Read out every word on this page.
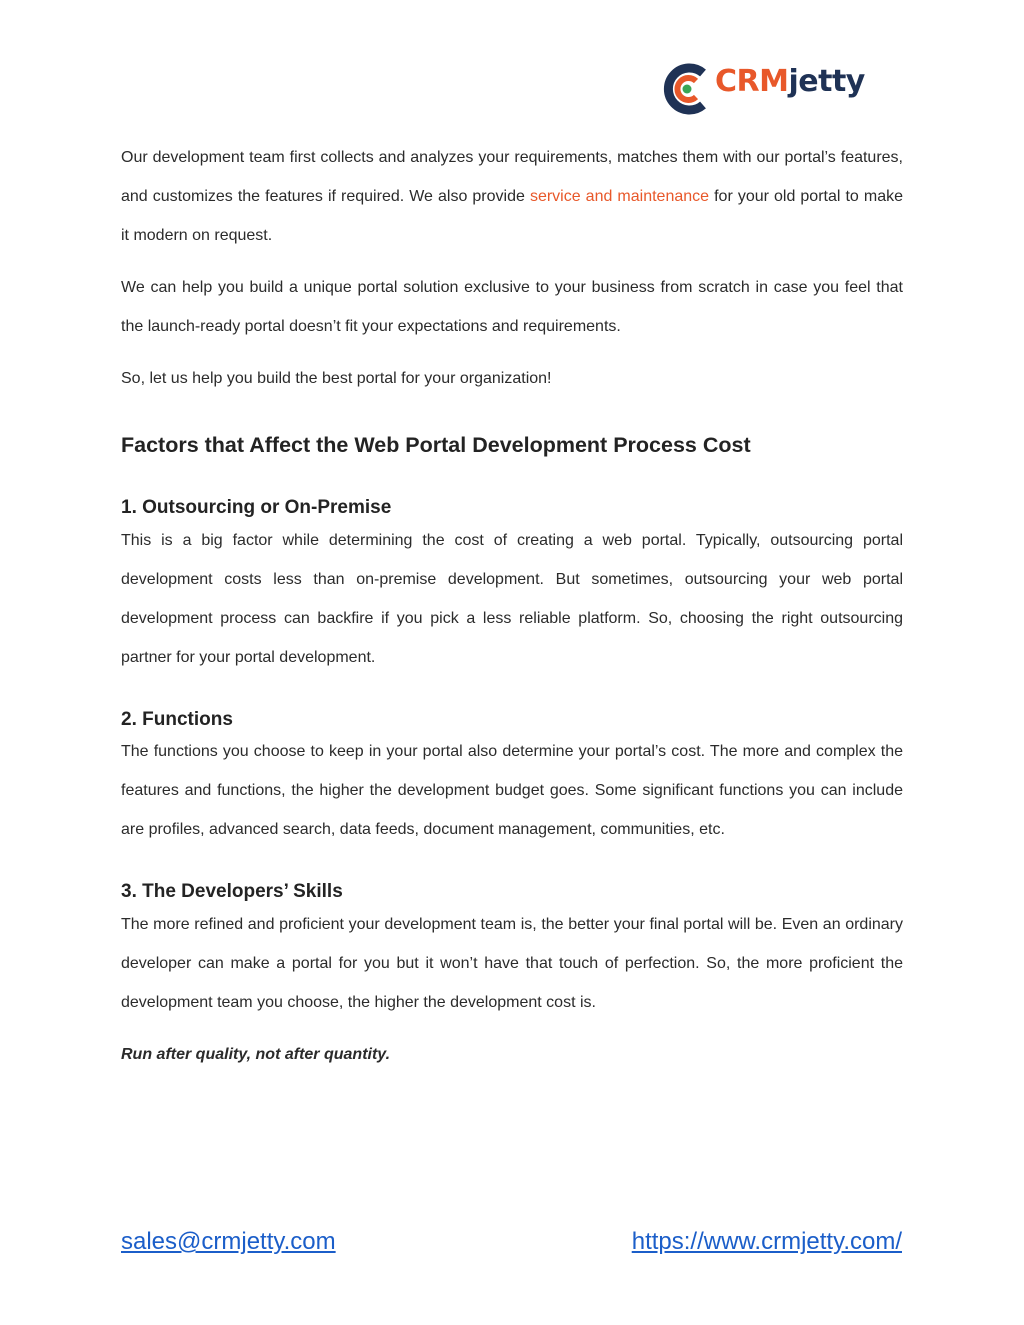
CRMjetty

Our development team first collects and analyzes your requirements, matches them with our portal’s features, and customizes the features if required. We also provide service and maintenance for your old portal to make it modern on request.

We can help you build a unique portal solution exclusive to your business from scratch in case you feel that the launch-ready portal doesn’t fit your expectations and requirements.

So, let us help you build the best portal for your organization!

Factors that Affect the Web Portal Development Process Cost
1. Outsourcing or On-Premise

This is a big factor while determining the cost of creating a web portal. Typically, outsourcing portal development costs less than on-premise development. But sometimes, outsourcing your web portal development process can backfire if you pick a less reliable platform. So, choosing the right outsourcing partner for your portal development.

2. Functions

The functions you choose to keep in your portal also determine your portal’s cost. The more and complex the features and functions, the higher the development budget goes. Some significant functions you can include are profiles, advanced search, data feeds, document management, communities, etc.

3. The Developers’ Skills

The more refined and proficient your development team is, the better your final portal will be. Even an ordinary developer can make a portal for you but it won’t have that touch of perfection. So, the more proficient the development team you choose, the higher the development cost is.

Run after quality, not after quantity.

sales@crmjetty.com	https://www.crmjetty.com/
